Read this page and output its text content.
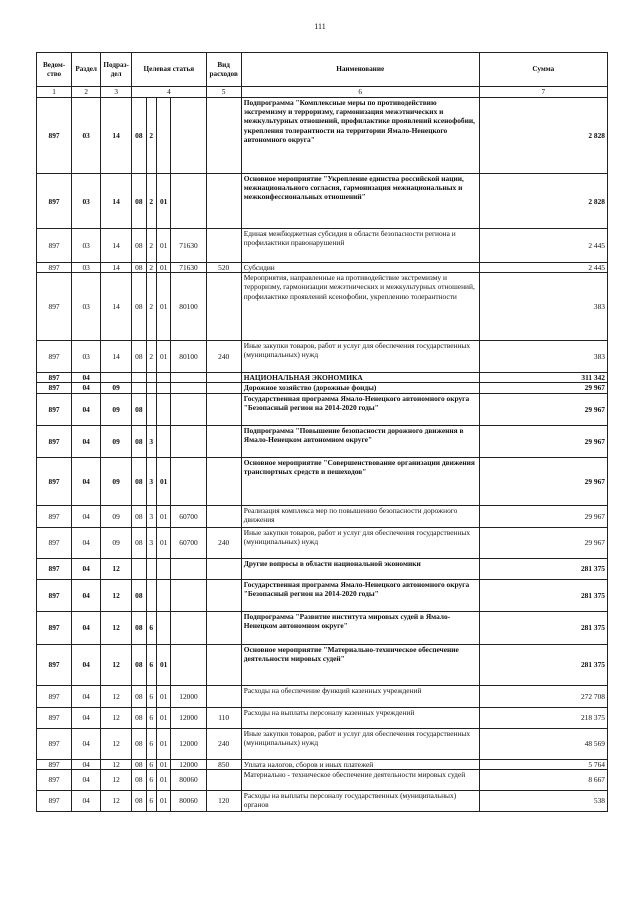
111
Ведом-ство	Раздел	Подраз-дел	Целевая статья				Вид расходов	Наименование	Сумма
1	2	3	4				5	6	7
897	03	14	08	2				Подпрограмма "Комплексные меры по противодействию экстремизму и терроризму, гармонизация межэтнических и межкультурных отношений, профилактике проявлений ксенофобии, укрепления толерантности на территории Ямало-Ненецкого автономного округа"	2 828
897	03	14	08	2	01			Основное мероприятие "Укрепление единства российской нации, межнационального согласия, гармонизация межнациональных и межконфессиональных отношений"	2 828
897	03	14	08	2	01	71630		Единая межбюджетная субсидия в области безопасности региона и профилактики правонарушений	2 445
897	03	14	08	2	01	71630	520	Субсидии	2 445
897	03	14	08	2	01	80100		Мероприятия, направленные на противодействие экстремизму и терроризму, гармонизации межэтнических и межкультурных отношений, профилактике проявлений ксенофобии, укреплению толерантности	383
897	03	14	08	2	01	80100	240	Иные закупки товаров, работ и услуг для обеспечения государственных (муниципальных) нужд	383
897	04							НАЦИОНАЛЬНАЯ ЭКОНОМИКА	311 342
897	04	09						Дорожное хозяйство (дорожные фонды)	29 967
897	04	09	08					Государственная программа Ямало-Ненецкого автономного округа "Безопасный регион на 2014-2020 годы"	29 967
897	04	09	08	3				Подпрограмма "Повышение безопасности дорожного движения в Ямало-Ненецком автономном округе"	29 967
897	04	09	08	3	01			Основное мероприятие "Совершенствование организации движения транспортных средств и пешеходов"	29 967
897	04	09	08	3	01	60700		Реализация комплекса мер по повышению безопасности дорожного движения	29 967
897	04	09	08	3	01	60700	240	Иные закупки товаров, работ и услуг для обеспечения государственных (муниципальных) нужд	29 967
897	04	12						Другие вопросы в области национальной экономики	281 375
897	04	12	08					Государственная программа Ямало-Ненецкого автономного округа "Безопасный регион на 2014-2020 годы"	281 375
897	04	12	08	6				Подпрограмма "Развитие института мировых судей в Ямало-Ненецком автономном округе"	281 375
897	04	12	08	6	01			Основное мероприятие "Материально-техническое обеспечение деятельности мировых судей"	281 375
897	04	12	08	6	01	12000		Расходы на обеспечение функций казенных учреждений	272 708
897	04	12	08	6	01	12000	110	Расходы на выплаты персоналу казенных учреждений	218 375
897	04	12	08	6	01	12000	240	Иные закупки товаров, работ и услуг для обеспечения государственных (муниципальных) нужд	48 569
897	04	12	08	6	01	12000	850	Уплата налогов, сборов и иных платежей	5 764
897	04	12	08	6	01	80060		Материально - техническое обеспечение деятельности мировых судей	8 667
897	04	12	08	6	01	80060	120	Расходы на выплаты персоналу государственных (муниципальных) органов	538
